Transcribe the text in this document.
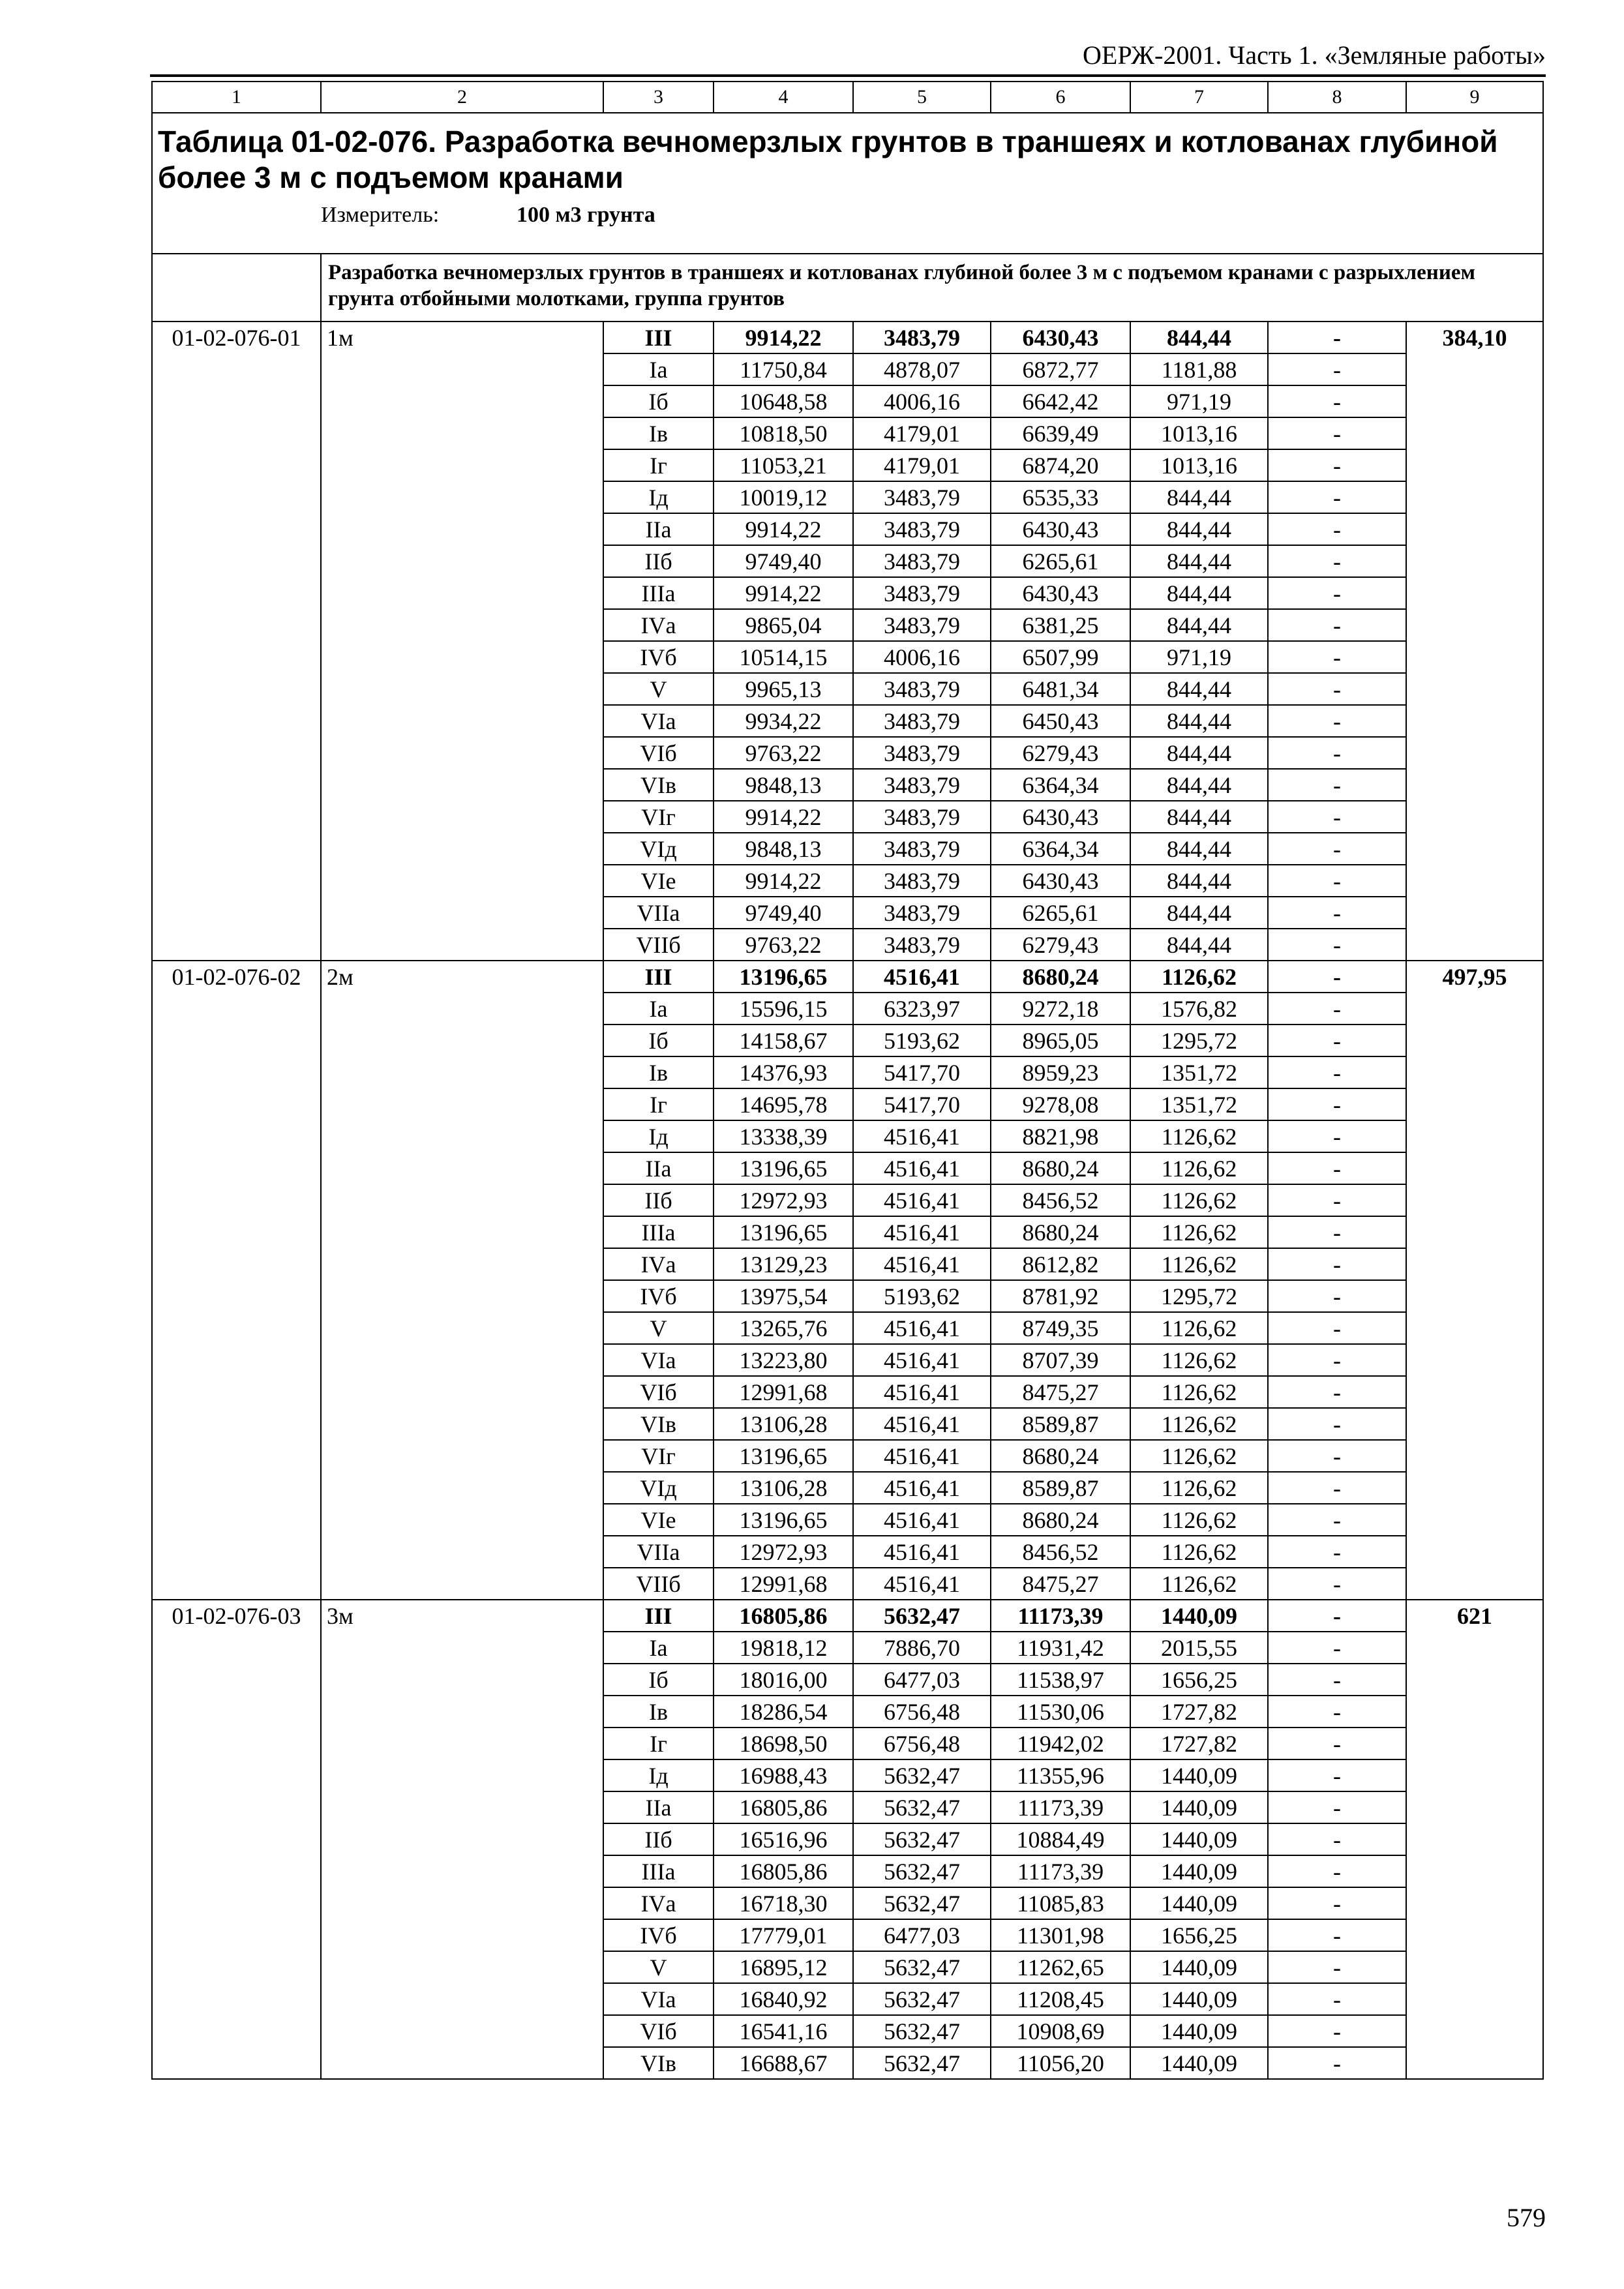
ОЕРЖ-2001. Часть 1. «Земляные работы»
1	2	3	4	5	6	7	8	9

Таблица 01-02-076. Разработка вечномерзлых грунтов в траншеях и котлованах глубиной более 3 м с подъемом кранами
Измеритель: 100 м3 грунта								

	Разработка вечномерзлых грунтов в траншеях и котлованах глубиной более 3 м с подъемом кранами с разрыхлением грунта отбойными молотками, группа грунтов							
01-02-076-01	1м	III	9914,22	3483,79	6430,43	844,44	-	384,10
		Iа	11750,84	4878,07	6872,77	1181,88	-	
		Iб	10648,58	4006,16	6642,42	971,19	-	
		Iв	10818,50	4179,01	6639,49	1013,16	-	
		Iг	11053,21	4179,01	6874,20	1013,16	-	
		Iд	10019,12	3483,79	6535,33	844,44	-	
		IIа	9914,22	3483,79	6430,43	844,44	-	
		IIб	9749,40	3483,79	6265,61	844,44	-	
		IIIа	9914,22	3483,79	6430,43	844,44	-	
		IVа	9865,04	3483,79	6381,25	844,44	-	
		IVб	10514,15	4006,16	6507,99	971,19	-	
		V	9965,13	3483,79	6481,34	844,44	-	
		VIа	9934,22	3483,79	6450,43	844,44	-	
		VIб	9763,22	3483,79	6279,43	844,44	-	
		VIв	9848,13	3483,79	6364,34	844,44	-	
		VIг	9914,22	3483,79	6430,43	844,44	-	
		VIд	9848,13	3483,79	6364,34	844,44	-	
		VIе	9914,22	3483,79	6430,43	844,44	-	
		VIIа	9749,40	3483,79	6265,61	844,44	-	
		VIIб	9763,22	3483,79	6279,43	844,44	-	
01-02-076-02	2м	III	13196,65	4516,41	8680,24	1126,62	-	497,95
		Iа	15596,15	6323,97	9272,18	1576,82	-	
		Iб	14158,67	5193,62	8965,05	1295,72	-	
		Iв	14376,93	5417,70	8959,23	1351,72	-	
		Iг	14695,78	5417,70	9278,08	1351,72	-	
		Iд	13338,39	4516,41	8821,98	1126,62	-	
		IIа	13196,65	4516,41	8680,24	1126,62	-	
		IIб	12972,93	4516,41	8456,52	1126,62	-	
		IIIа	13196,65	4516,41	8680,24	1126,62	-	
		IVа	13129,23	4516,41	8612,82	1126,62	-	
		IVб	13975,54	5193,62	8781,92	1295,72	-	
		V	13265,76	4516,41	8749,35	1126,62	-	
		VIа	13223,80	4516,41	8707,39	1126,62	-	
		VIб	12991,68	4516,41	8475,27	1126,62	-	
		VIв	13106,28	4516,41	8589,87	1126,62	-	
		VIг	13196,65	4516,41	8680,24	1126,62	-	
		VIд	13106,28	4516,41	8589,87	1126,62	-	
		VIе	13196,65	4516,41	8680,24	1126,62	-	
		VIIа	12972,93	4516,41	8456,52	1126,62	-	
		VIIб	12991,68	4516,41	8475,27	1126,62	-	
01-02-076-03	3м	III	16805,86	5632,47	11173,39	1440,09	-	621
		Iа	19818,12	7886,70	11931,42	2015,55	-	
		Iб	18016,00	6477,03	11538,97	1656,25	-	
		Iв	18286,54	6756,48	11530,06	1727,82	-	
		Iг	18698,50	6756,48	11942,02	1727,82	-	
		Iд	16988,43	5632,47	11355,96	1440,09	-	
		IIа	16805,86	5632,47	11173,39	1440,09	-	
		IIб	16516,96	5632,47	10884,49	1440,09	-	
		IIIа	16805,86	5632,47	11173,39	1440,09	-	
		IVа	16718,30	5632,47	11085,83	1440,09	-	
		IVб	17779,01	6477,03	11301,98	1656,25	-	
		V	16895,12	5632,47	11262,65	1440,09	-	
		VIа	16840,92	5632,47	11208,45	1440,09	-	
		VIб	16541,16	5632,47	10908,69	1440,09	-	
		VIв	16688,67	5632,47	11056,20	1440,09	-	
579
